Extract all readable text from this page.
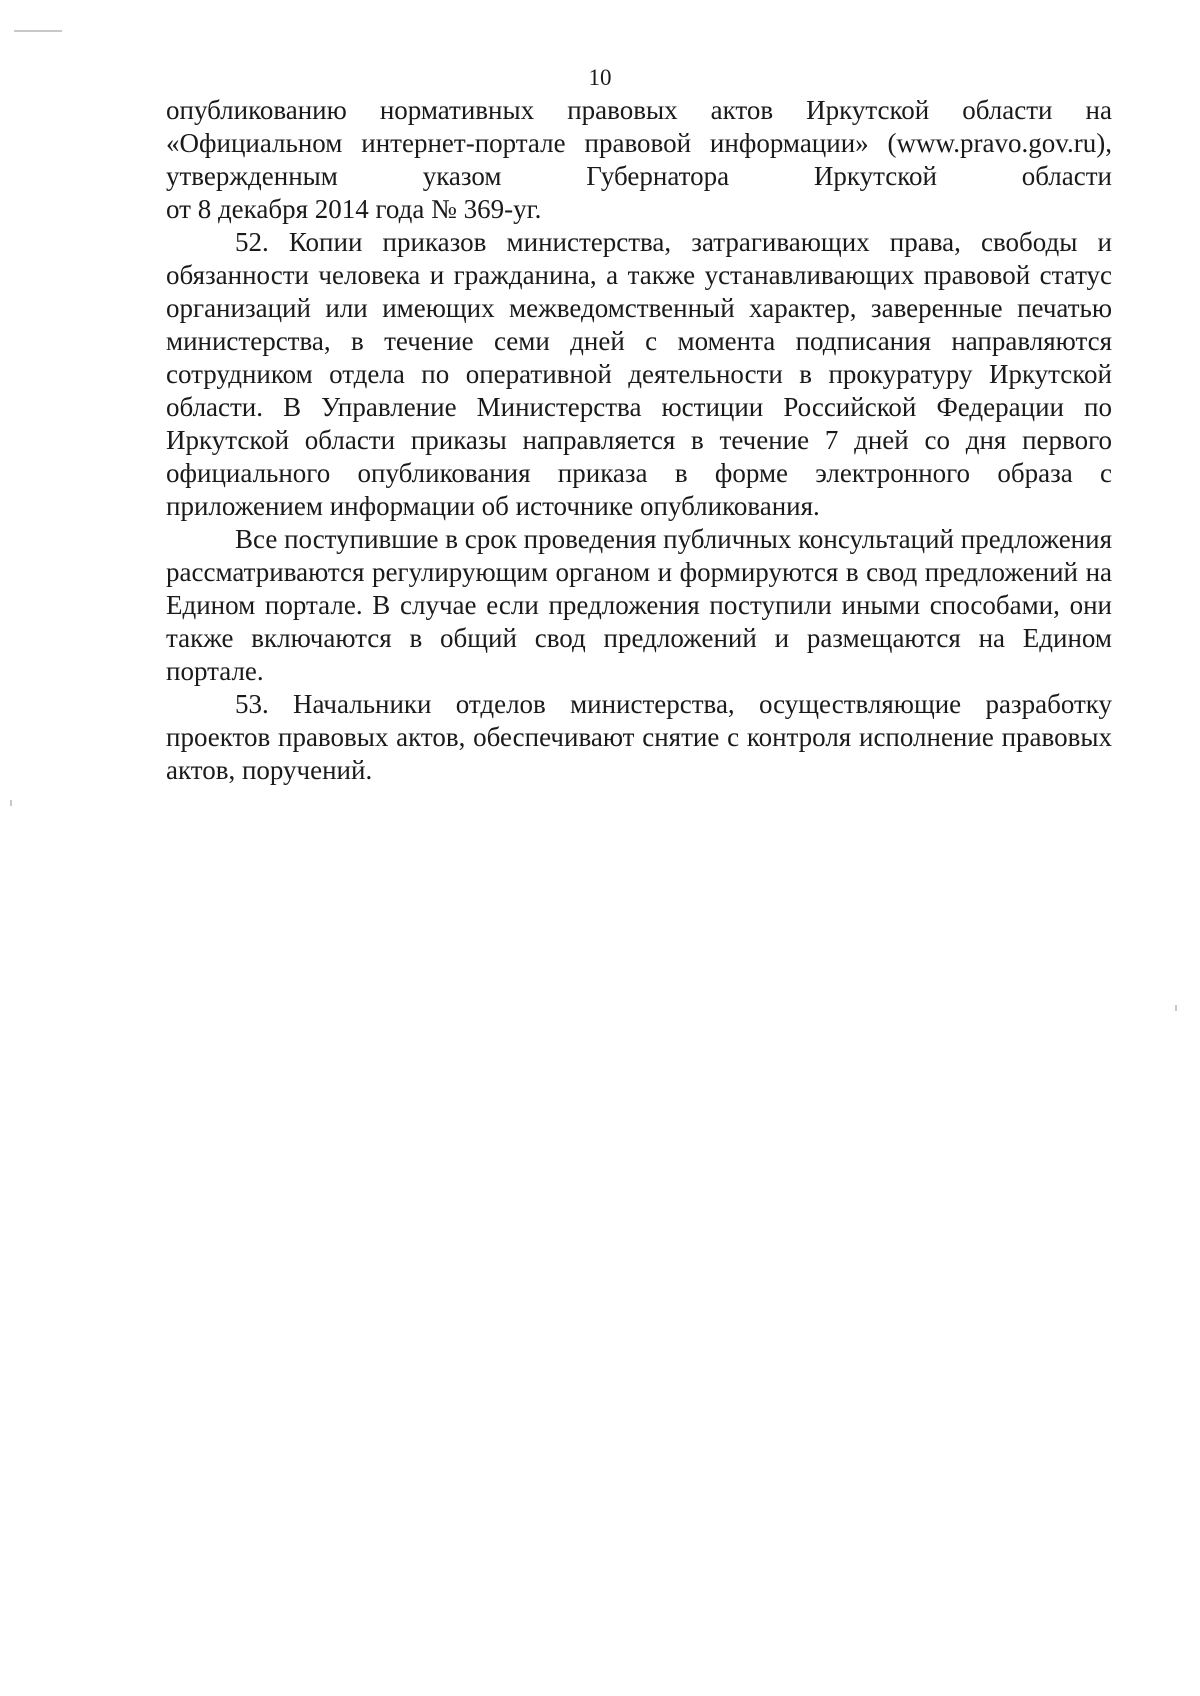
10

опубликованию нормативных правовых актов Иркутской области на «Официальном интернет-портале правовой информации» (www.pravo.gov.ru), утвержденным указом Губернатора Иркутской области

от 8 декабря 2014 года № 369-уг.

52. Копии приказов министерства, затрагивающих права, свободы и обязанности человека и гражданина, а также устанавливающих правовой статус организаций или имеющих межведомственный характер, заверенные печатью министерства, в течение семи дней с момента подписания направляются сотрудником отдела по оперативной деятельности в прокуратуру Иркутской области. В Управление Министерства юстиции Российской Федерации по Иркутской области приказы направляется в течение 7 дней со дня первого официального опубликования приказа в форме электронного образа с приложением информации об источнике опубликования.

Все поступившие в срок проведения публичных консультаций предложения рассматриваются регулирующим органом и формируются в свод предложений на Едином портале. В случае если предложения поступили иными способами, они также включаются в общий свод предложений и размещаются на Едином портале.

53. Начальники отделов министерства, осуществляющие разработку проектов правовых актов, обеспечивают снятие с контроля исполнение правовых актов, поручений.
